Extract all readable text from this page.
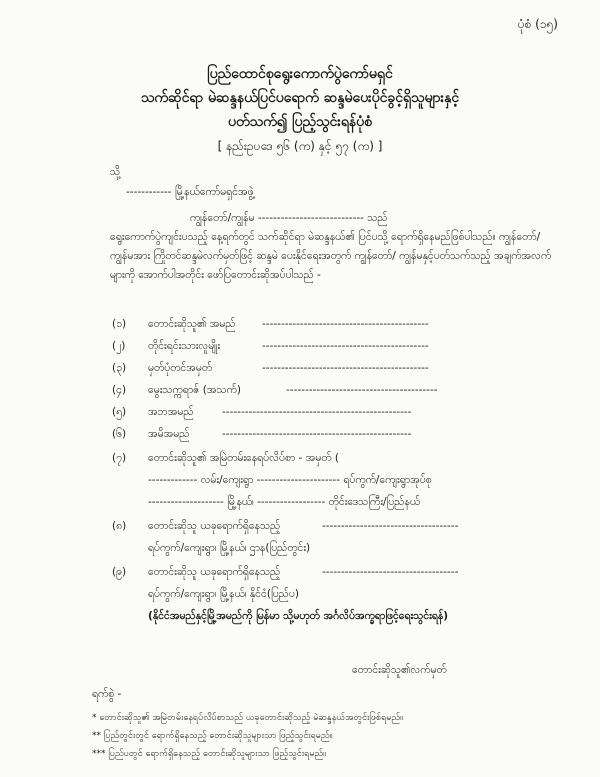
ပုံစံ (၁၅)
ပြည်ထောင်စုရွေးကောက်ပွဲကော်မရှင်
သက်ဆိုင်ရာ မဲဆန္ဒနယ်ပြင်ပရောက် ဆန္ဒမဲပေးပိုင်ခွင့်ရှိသူများနှင့်
ပတ်သက်၍ ပြည့်သွင်းရန်ပုံစံ
[ နည်းဥပဒေ ၅၆ (က) နှင့် ၅၇ (က) ]
သို့
------------ မြို့နယ်ကော်မရှင်အဖွဲ့
ကျွန်တော်/ကျွန်မ ---------------------------- သည်
ရွေးကောက်ပွဲကျင်းပသည့် နေ့ရက်တွင် သက်ဆိုင်ရာ မဲဆန္ဒနယ်၏ ပြင်ပသို့ ရောက်ရှိနေမည်ဖြစ်ပါသည်။ ကျွန်တော်/ ကျွန်မအား ကြိုတင်ဆန္ဒမဲလက်မှတ်ဖြင့် ဆန္ဒမဲ ပေးနိုင်ရေးအတွက် ကျွန်တော်/ ကျွန်မနှင့်ပတ်သက်သည့် အချက်အလက်များကို အောက်ပါအတိုင်း ဖော်ပြတောင်းဆိုအပ်ပါသည် -
(၁) တောင်းဆိုသူ၏ အမည်	--------------------------------------------
(၂) တိုင်းရင်းသားလူမျိုး	--------------------------------------------
(၃) မှတ်ပုံတင်အမှတ်	--------------------------------------------
(၄) မွေးသက္ကရာဇ် (အသက်)	----------------------------------------
(၅) အဘအမည်	--------------------------------------------------
(၆) အမိအမည်	--------------------------------------------------
(၇) တောင်းဆိုသူ၏ အမြဲတမ်းနေရပ်လိပ်စာ - အမှတ် (
------------- လမ်း/ကျေးရွာ ---------------------- ရပ်ကွက်/ကျေးရွာအုပ်စု
-------------------- မြို့နယ်၊ ------------------ တိုင်းဒေသကြီး/ပြည်နယ်
(၈) တောင်းဆိုသူ ယခုရောက်ရှိနေသည့်	------------------------------------
ရပ်ကွက်/ကျေးရွာ၊ မြို့နယ်၊ ဌာန(ပြည်တွင်း)
(၉) တောင်းဆိုသူ ယခုရောက်ရှိနေသည့်	------------------------------------
ရပ်ကွက်/ကျေးရွာ၊ မြို့နယ်၊ နိုင်ငံ(ပြည်ပ)
(နိုင်ငံအမည်နှင့်မြို့အမည်ကို မြန်မာ သို့မဟုတ် အင်္ဂလိပ်အက္ခရာဖြင့်ရေးသွင်းရန်)
တောင်းဆိုသူ၏လက်မှတ်
ရက်စွဲ -
* တောင်းဆိုသူ၏ အမြဲတမ်းနေရပ်လိပ်စာသည် ယခုတောင်းဆိုသည့် မဲဆန္ဒနယ်အတွင်းဖြစ်ရမည်။
** ပြည်တွင်းတွင် ရောက်ရှိနေသည့် တောင်းဆိုသူများသာ ဖြည့်သွင်းရမည်။
*** ပြည်ပတွင် ရောက်ရှိနေသည့် တောင်းဆိုသူများသာ ဖြည့်သွင်းရမည်။
